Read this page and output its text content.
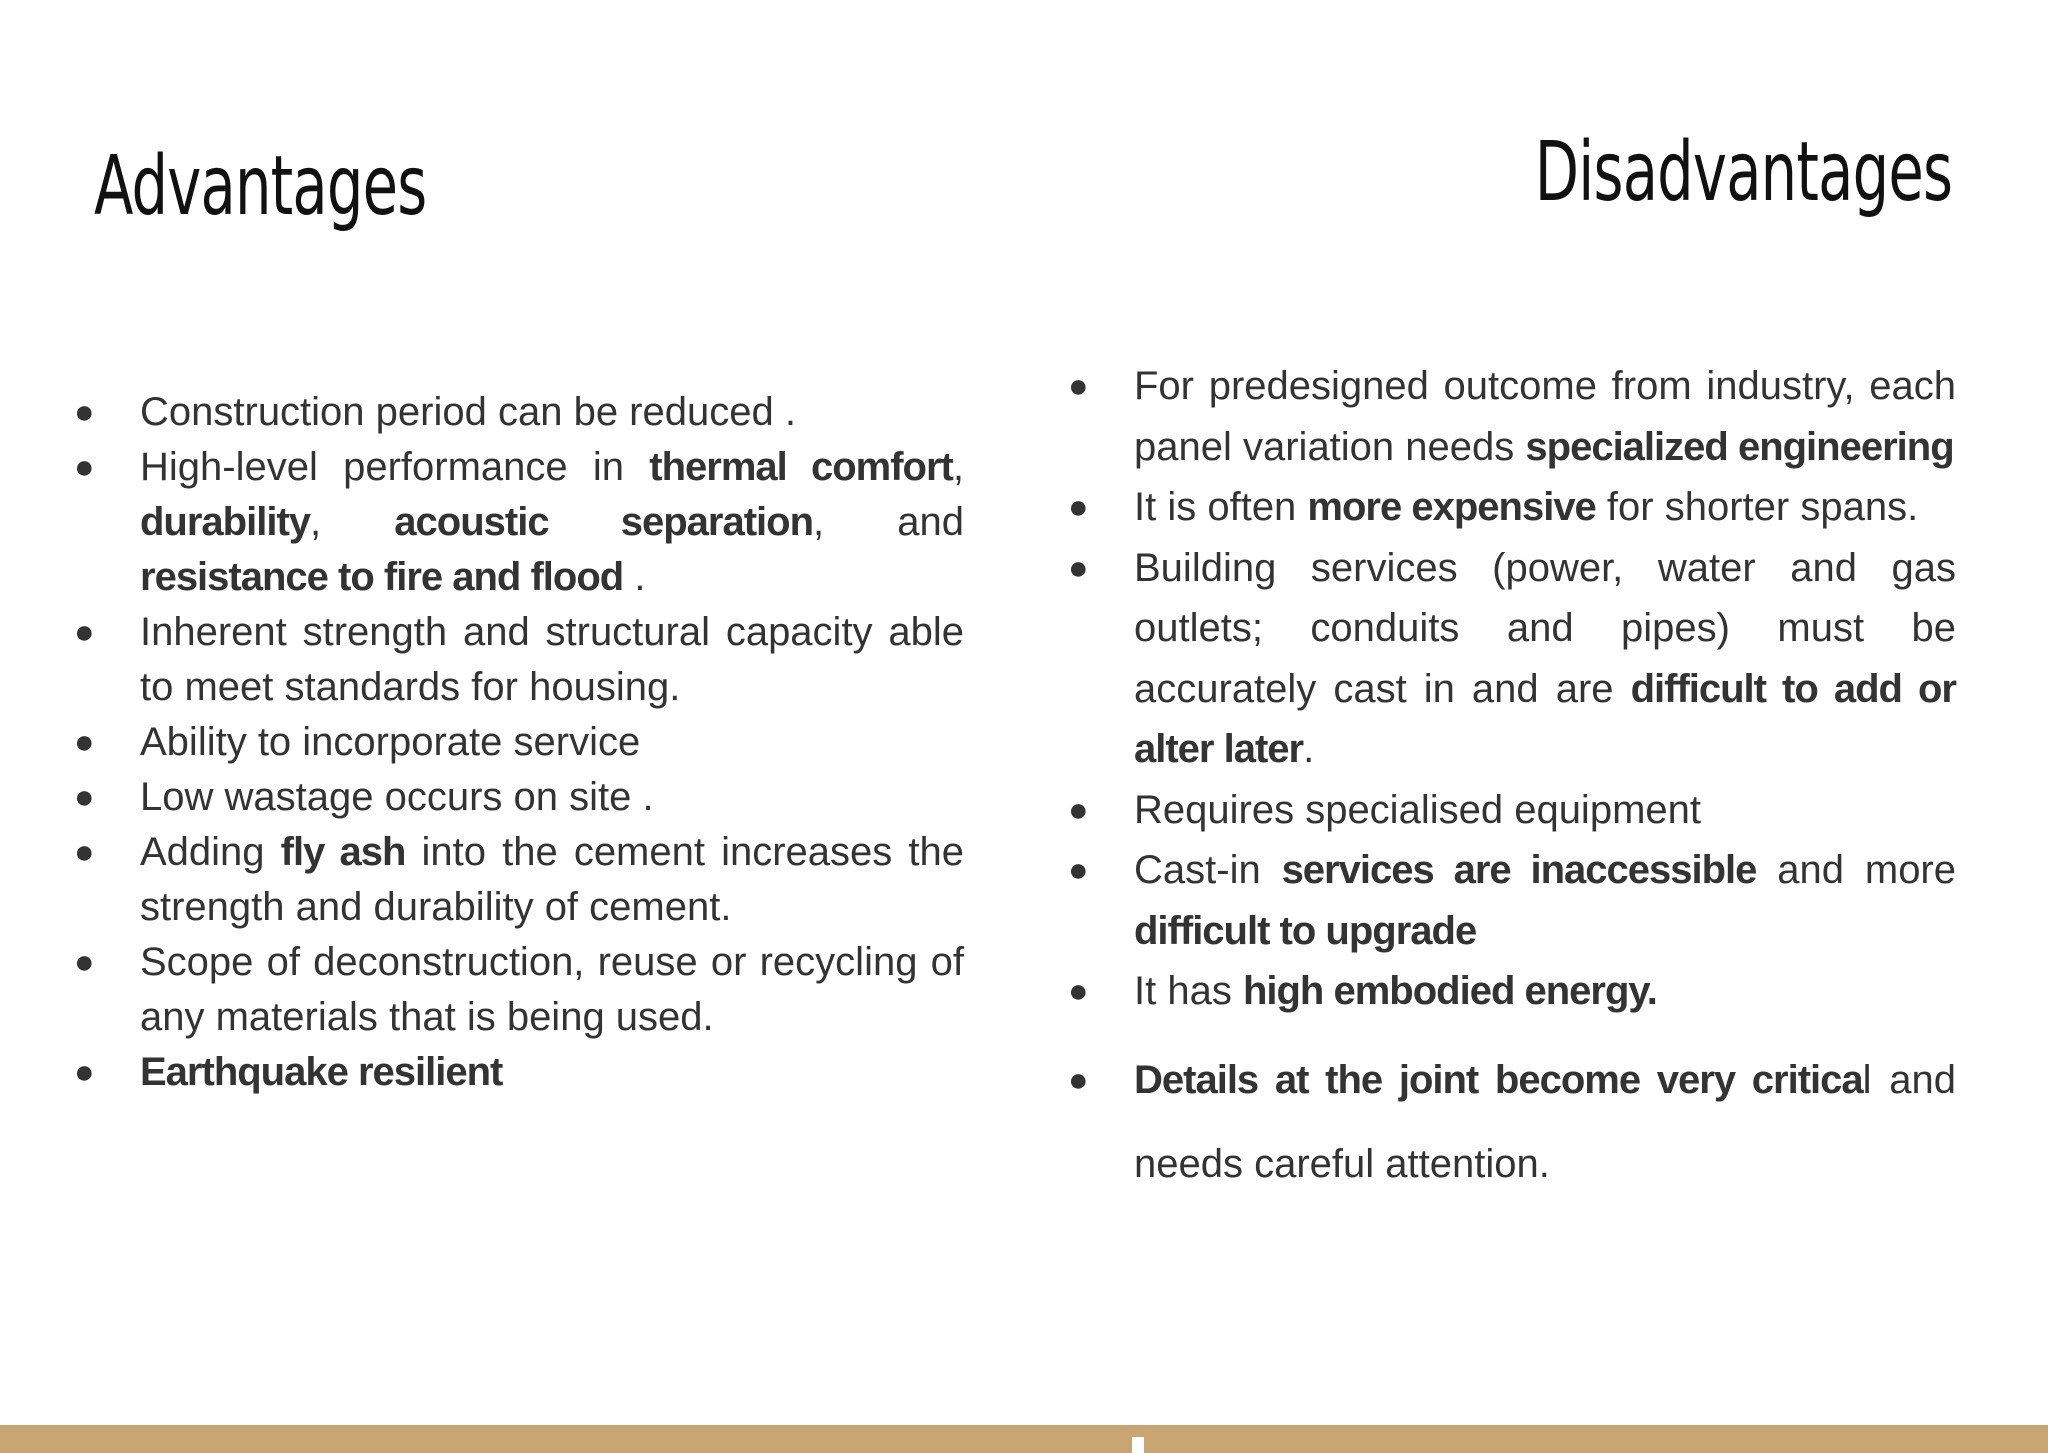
Advantages	Disadvantages
● Construction period can be reduced .
● High-level performance in thermal comfort, durability, acoustic separation, and resistance to fire and flood .
● Inherent strength and structural capacity able to meet standards for housing.
● Ability to incorporate service
● Low wastage occurs on site .
● Adding fly ash into the cement increases the strength and durability of cement.
● Scope of deconstruction, reuse or recycling of any materials that is being used.
● Earthquake resilient
● For predesigned outcome from industry, each panel variation needs specialized engineering
● It is often more expensive for shorter spans.
● Building services (power, water and gas outlets; conduits and pipes) must be accurately cast in and are difficult to add or alter later.
● Requires specialised equipment
● Cast-in services are inaccessible and more difficult to upgrade
● It has high embodied energy.
● Details at the joint become very critical and needs careful attention.
